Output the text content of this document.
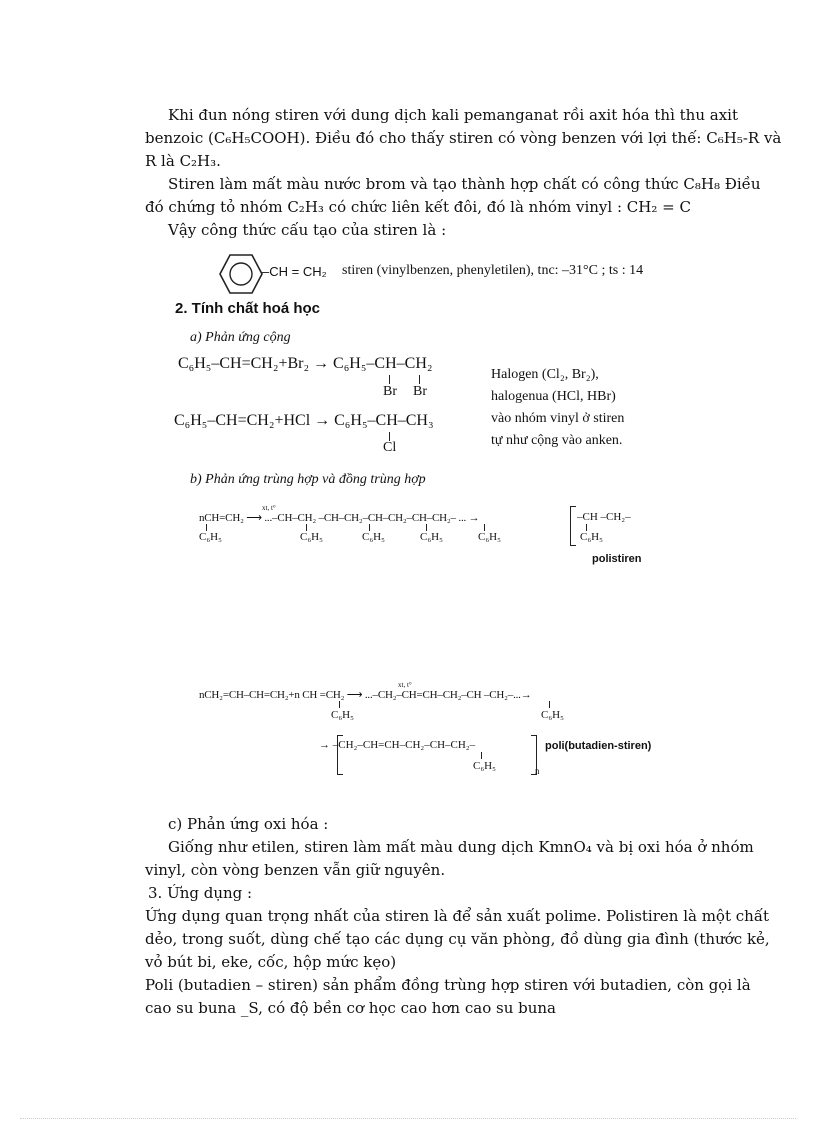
Khi đun nóng stiren với dung dịch kali pemanganat rồi axit hóa thì thu axit
benzoic (C₆H₅COOH). Điều đó cho thấy stiren có vòng benzen với lợi thế: C₆H₅-R và
R là C₂H₃.
Stiren làm mất màu nước brom và tạo thành hợp chất có công thức C₈H₈ Điều
đó chứng tỏ nhóm C₂H₃ có chức liên kết đôi, đó là nhóm vinyl : CH₂ = C
Vậy công thức cấu tạo của stiren là :
–CH = CH₂ stiren (vinylbenzen, phenyletilen), tnc: –31°C ; ts : 14
2. Tính chất hoá học
a) Phản ứng cộng
C₆H₅–CH=CH₂+Br₂ → C₆H₅–CH–CH₂
Br Br
C₆H₅–CH=CH₂+HCl → C₆H₅–CH–CH₃
Cl
Halogen (Cl₂, Br₂),
halogenua (HCl, HBr)
vào nhóm vinyl ở stiren
tự như cộng vào anken.
b) Phản ứng trùng hợp và đồng trùng hợp
xt, t°
nCH=CH₂ ⟶ ...–CH–CH₂ –CH–CH₂–CH–CH₂–CH–CH₂– ... →
C₆H₅	C₆H₅	C₆H₅	C₆H₅	C₆H₅
–CH –CH₂–
C₆H₅
polistiren
xt, t°
nCH₂=CH–CH=CH₂+n CH =CH₂ ⟶ ...–CH₂–CH=CH–CH₂–CH –CH₂–...→
C₆H₅	C₆H₅
→ –CH₂–CH=CH–CH₂–CH–CH₂–
C₆H₅	n
poli(butadien-stiren)
c) Phản ứng oxi hóa :
Giống như etilen, stiren làm mất màu dung dịch KmnO₄ và bị oxi hóa ở nhóm
vinyl, còn vòng benzen vẫn giữ nguyên.
3. Ứng dụng :
Ứng dụng quan trọng nhất của stiren là để sản xuất polime. Polistiren là một chất
dẻo, trong suốt, dùng chế tạo các dụng cụ văn phòng, đồ dùng gia đình (thước kẻ,
vỏ bút bi, eke, cốc, hộp mức kẹo)
Poli (butadien – stiren) sản phẩm đồng trùng hợp stiren với butadien, còn gọi là
cao su buna _S, có độ bền cơ học cao hơn cao su buna
